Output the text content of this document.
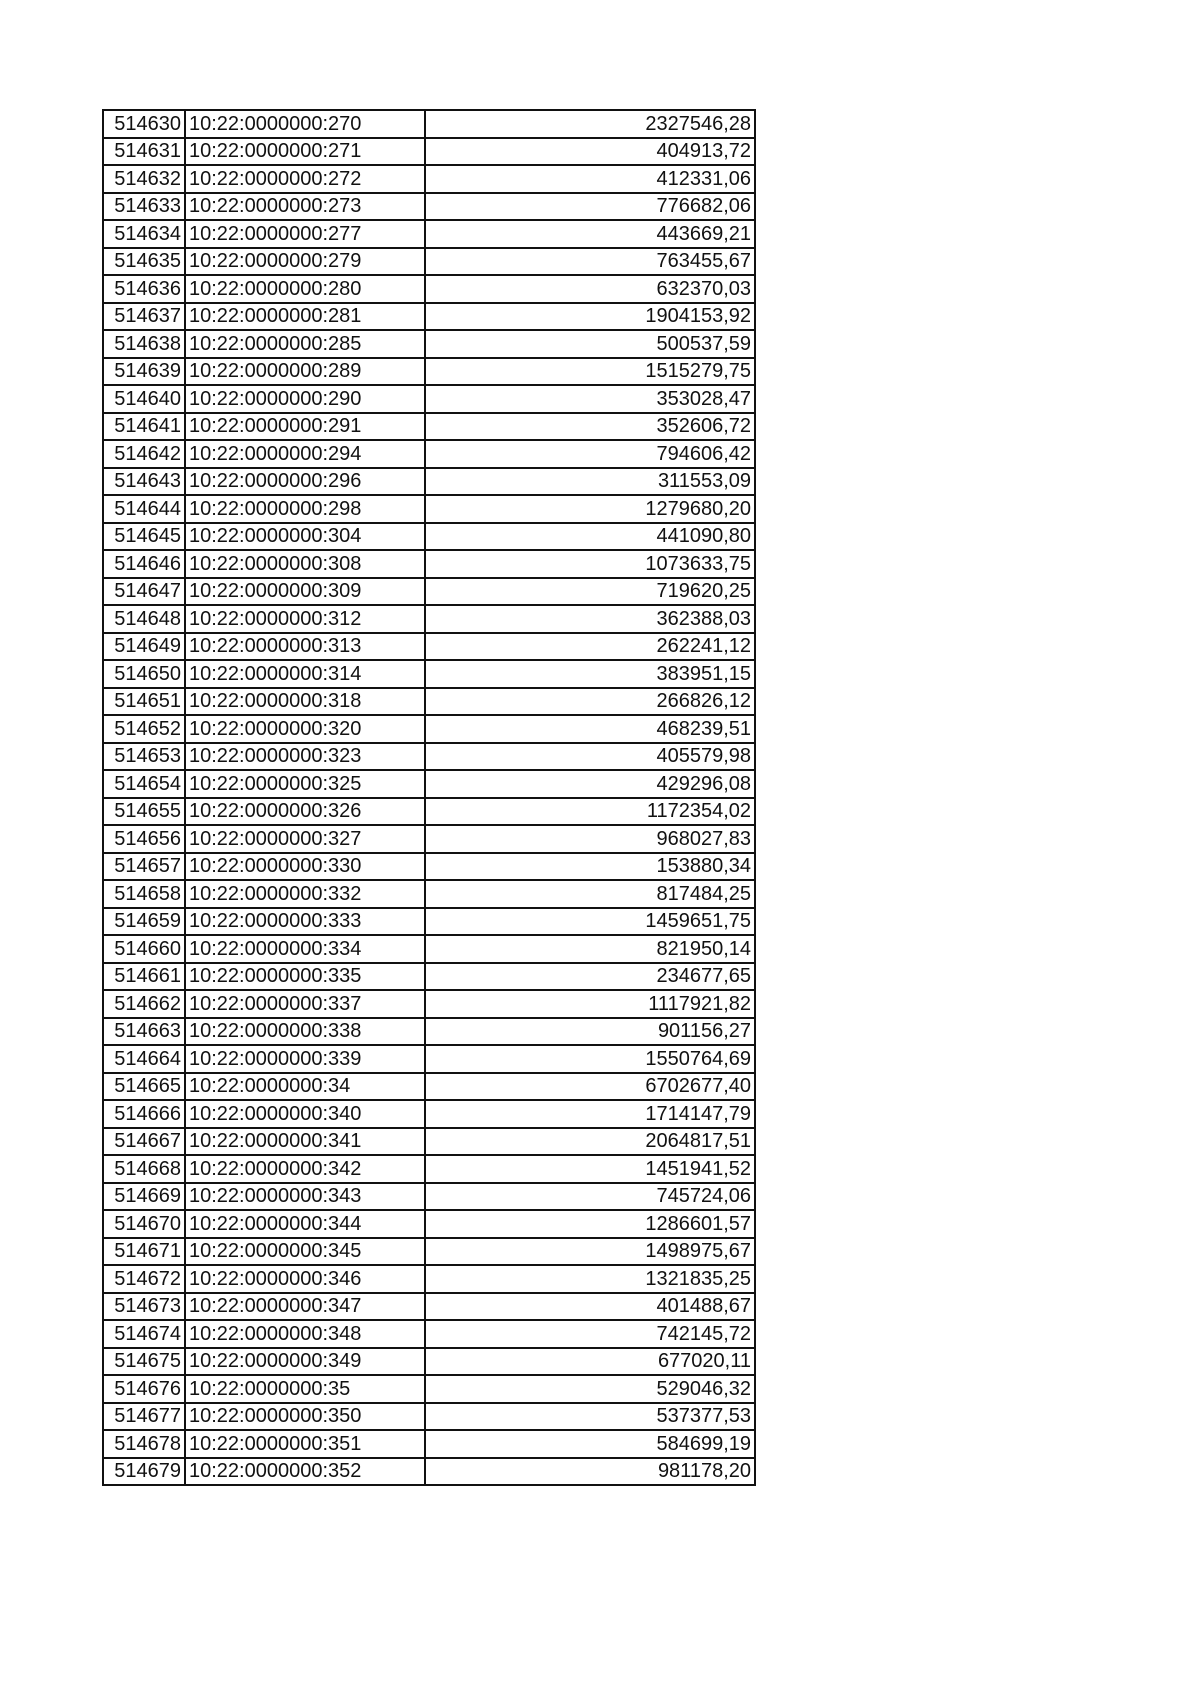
514630	10:22:0000000:270	2327546,28
514631	10:22:0000000:271	404913,72
514632	10:22:0000000:272	412331,06
514633	10:22:0000000:273	776682,06
514634	10:22:0000000:277	443669,21
514635	10:22:0000000:279	763455,67
514636	10:22:0000000:280	632370,03
514637	10:22:0000000:281	1904153,92
514638	10:22:0000000:285	500537,59
514639	10:22:0000000:289	1515279,75
514640	10:22:0000000:290	353028,47
514641	10:22:0000000:291	352606,72
514642	10:22:0000000:294	794606,42
514643	10:22:0000000:296	311553,09
514644	10:22:0000000:298	1279680,20
514645	10:22:0000000:304	441090,80
514646	10:22:0000000:308	1073633,75
514647	10:22:0000000:309	719620,25
514648	10:22:0000000:312	362388,03
514649	10:22:0000000:313	262241,12
514650	10:22:0000000:314	383951,15
514651	10:22:0000000:318	266826,12
514652	10:22:0000000:320	468239,51
514653	10:22:0000000:323	405579,98
514654	10:22:0000000:325	429296,08
514655	10:22:0000000:326	1172354,02
514656	10:22:0000000:327	968027,83
514657	10:22:0000000:330	153880,34
514658	10:22:0000000:332	817484,25
514659	10:22:0000000:333	1459651,75
514660	10:22:0000000:334	821950,14
514661	10:22:0000000:335	234677,65
514662	10:22:0000000:337	1117921,82
514663	10:22:0000000:338	901156,27
514664	10:22:0000000:339	1550764,69
514665	10:22:0000000:34	6702677,40
514666	10:22:0000000:340	1714147,79
514667	10:22:0000000:341	2064817,51
514668	10:22:0000000:342	1451941,52
514669	10:22:0000000:343	745724,06
514670	10:22:0000000:344	1286601,57
514671	10:22:0000000:345	1498975,67
514672	10:22:0000000:346	1321835,25
514673	10:22:0000000:347	401488,67
514674	10:22:0000000:348	742145,72
514675	10:22:0000000:349	677020,11
514676	10:22:0000000:35	529046,32
514677	10:22:0000000:350	537377,53
514678	10:22:0000000:351	584699,19
514679	10:22:0000000:352	981178,20
